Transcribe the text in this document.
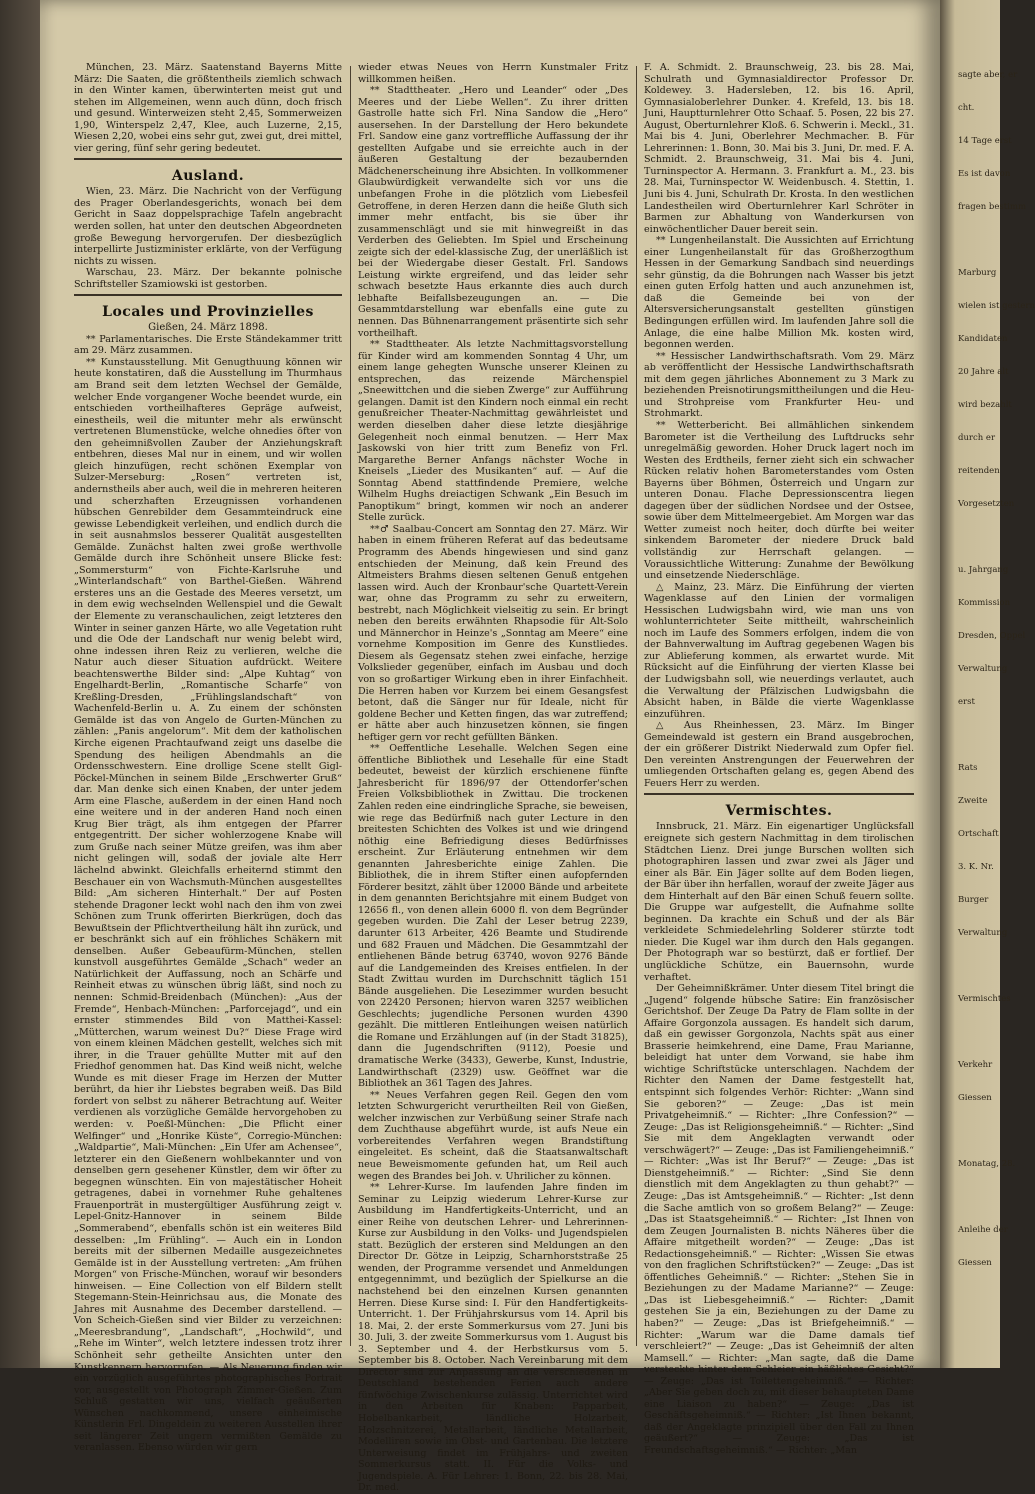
München, 23. März. Saatenstand Bayerns Mitte März: Die Saaten, die größtentheils ziemlich schwach in den Winter kamen, überwinterten meist gut und stehen im Allgemeinen, wenn auch dünn, doch frisch und gesund. Winterweizen steht 2,45, Sommerweizen 1,90, Winterspelz 2,47, Klee, auch Luzerne, 2,15, Wiesen 2,20, wobei eins sehr gut, zwei gut, drei mittel, vier gering, fünf sehr gering bedeutet.

Ausland.

Wien, 23. März. Die Nachricht von der Verfügung des Prager Oberlandesgerichts, wonach bei dem Gericht in Saaz doppelsprachige Tafeln angebracht werden sollen, hat unter den deutschen Abgeordneten große Bewegung hervorgerufen. Der diesbezüglich interpellirte Justizminister erklärte, von der Verfügung nichts zu wissen.

Warschau, 23. März. Der bekannte polnische Schriftsteller Szamiowski ist gestorben.

Locales und Provinzielles

Gießen, 24. März 1898.

** Parlamentarisches. Die Erste Ständekammer tritt am 29. März zusammen.

** Kunstausstellung. Mit Genugthuung können wir heute konstatiren, daß die Ausstellung im Thurmhaus am Brand seit dem letzten Wechsel der Gemälde, welcher Ende vorgangener Woche beendet wurde, ein entschieden vortheilhafteres Gepräge aufweist, einestheils, weil die mitunter mehr als erwünscht vertretenen Blumenstücke, welche ohnedies öfter von den geheimnißvollen Zauber der Anziehungskraft entbehren, dieses Mal nur in einem, und wir wollen gleich hinzufügen, recht schönen Exemplar von Sulzer-Merseburg: „Rosen“ vertreten ist, andernstheils aber auch, weil die in mehreren heiteren und scherzhaften Erzeugnissen vorhandenen hübschen Genrebilder dem Gesammteindruck eine gewisse Lebendigkeit verleihen, und endlich durch die in seit ausnahmslos besserer Qualität ausgestellten Gemälde. Zunächst halten zwei große werthvolle Gemälde durch ihre Schönheit unsere Blicke fest: „Sommersturm“ von Fichte-Karlsruhe und „Winterlandschaft“ von Barthel-Gießen. Während ersteres uns an die Gestade des Meeres versetzt, um in dem ewig wechselnden Wellenspiel und die Gewalt der Elemente zu veranschaulichen, zeigt letzteres den Winter in seiner ganzen Härte, wo alle Vegetation ruht und die Ode der Landschaft nur wenig belebt wird, ohne indessen ihren Reiz zu verlieren, welche die Natur auch dieser Situation aufdrückt. Weitere beachtenswerthe Bilder sind: „Alpe Kuhtag“ von Engelhardt-Berlin, „Romantische Scharfe“ von Kreßling-Dresden, „Frühlingslandschaft“ von Wachenfeld-Berlin u. A. Zu einem der schönsten Gemälde ist das von Angelo de Gurten-München zu zählen: „Panis angelorum“. Mit dem der katholischen Kirche eigenen Prachtaufwand zeigt uns daselbe die Spendung des heiligen Abendmahls an die Ordensschwestern. Eine drollige Scene stellt Gigl-Pöckel-München in seinem Bilde „Erschwerter Gruß“ dar. Man denke sich einen Knaben, der unter jedem Arm eine Flasche, außerdem in der einen Hand noch eine weitere und in der anderen Hand noch einen Krug Bier trägt, als ihm entgegen der Pfarrer entgegentritt. Der sicher wohlerzogene Knabe will zum Gruße nach seiner Mütze greifen, was ihm aber nicht gelingen will, sodaß der joviale alte Herr lächelnd abwinkt. Gleichfalls erheiternd stimmt den Beschauer ein von Wachsmuth-München ausgestelltes Bild: „Am sicheren Hinterhalt.“ Der auf Posten stehende Dragoner leckt wohl nach den ihm von zwei Schönen zum Trunk offerirten Bierkrügen, doch das Bewußtsein der Pflichtvertheilung hält ihn zurück, und er beschränkt sich auf ein fröhliches Schäkern mit denselben. Außer Gebeaufürm-München, stellen kunstvoll ausgeführtes Gemälde „Schach“ weder an Natürlichkeit der Auffassung, noch an Schärfe und Reinheit etwas zu wünschen übrig läßt, sind noch zu nennen: Schmid-Breidenbach (München): „Aus der Fremde“, Henbach-München: „Parforcejagd“, und ein ernster stimmendes Bild von Matthei-Kassel: „Mütterchen, warum weinest Du?“ Diese Frage wird von einem kleinen Mädchen gestellt, welches sich mit ihrer, in die Trauer gehüllte Mutter mit auf den Friedhof genommen hat. Das Kind weiß nicht, welche Wunde es mit dieser Frage im Herzen der Mutter berührt, da hier ihr Liebstes begraben weiß. Das Bild fordert von selbst zu näherer Betrachtung auf. Weiter verdienen als vorzügliche Gemälde hervorgehoben zu werden: v. Poeßl-München: „Die Pflicht einer Welfinger“ und „Honrike Küste“, Corregio-München: „Waldpartie“, Mali-München: „Ein Ufer am Achensee“, letzterer ein den Gießenern wohlbekannter und von denselben gern gesehener Künstler, dem wir öfter zu begegnen wünschten. Ein von majestätischer Hoheit getragenes, dabei in vornehmer Ruhe gehaltenes Frauenporträt in mustergültiger Ausführung zeigt v. Lepel-Gnitz-Hannover in seinem Bilde „Sommerabend“, ebenfalls schön ist ein weiteres Bild desselben: „Im Frühling“. — Auch ein in London bereits mit der silbernen Medaille ausgezeichnetes Gemälde ist in der Ausstellung vertreten: „Am frühen Morgen“ von Frische-München, worauf wir besonders hinweisen. — Eine Collection von elf Bildern stellt Stegemann-Stein-Heinrichsau aus, die Monate des Jahres mit Ausnahme des December darstellend. — Von Scheich-Gießen sind vier Bilder zu verzeichnen: „Meeresbrandung“, „Landschaft“, „Hochwild“, und „Rehe im Winter“, welch letztere indessen trotz ihrer Schönheit sehr getheilte Ansichten unter den Kunstkennern hervorrufen. — Als Neuerung finden wir ein vorzüglich ausgeführtes photographisches Portrait vor, ausgestellt von Photograph Zimmer-Gießen. Zum Schluß gestatten wir uns, vielfach geäußerten Wünschen nachkommend, unsere einheimische Künstlerin Frl. Dingeldein zu weiteren Ausstellen ihrer seit längerer Zeit ungern vermißten Gemälde zu veranlassen. Ebenso würden wir gern

wieder etwas Neues von Herrn Kunstmaler Fritz willkommen heißen.

** Stadttheater. „Hero und Leander“ oder „Des Meeres und der Liebe Wellen“. Zu ihrer dritten Gastrolle hatte sich Frl. Nina Sandow die „Hero“ ausersehen. In der Darstellung der Hero bekundete Frl. Sandow eine ganz vortreffliche Auffassung der ihr gestellten Aufgabe und sie erreichte auch in der äußeren Gestaltung der bezaubernden Mädchenerscheinung ihre Absichten. In vollkommener Glaubwürdigkeit verwandelte sich vor uns die unbefangen Frohe in die plötzlich vom Liebesfeil Getroffene, in deren Herzen dann die heiße Gluth sich immer mehr entfacht, bis sie über ihr zusammenschlägt und sie mit hinwegreißt in das Verderben des Geliebten. Im Spiel und Erscheinung zeigte sich der edel-klassische Zug, der unerläßlich ist bei der Wiedergabe dieser Gestalt. Frl. Sandows Leistung wirkte ergreifend, und das leider sehr schwach besetzte Haus erkannte dies auch durch lebhafte Beifallsbezeugungen an. — Die Gesammtdarstellung war ebenfalls eine gute zu nennen. Das Bühnenarrangement präsentirte sich sehr vortheilhaft.

** Stadttheater. Als letzte Nachmittagsvorstellung für Kinder wird am kommenden Sonntag 4 Uhr, um einem lange gehegten Wunsche unserer Kleinen zu entsprechen, das reizende Märchenspiel „Sneewittchen und die sieben Zwerge“ zur Aufführung gelangen. Damit ist den Kindern noch einmal ein recht genußreicher Theater-Nachmittag gewährleistet und werden dieselben daher diese letzte diesjährige Gelegenheit noch einmal benutzen. — Herr Max Jaskowski von hier tritt zum Benefiz von Frl. Margarethe Berner Anfangs nächster Woche in Kneisels „Lieder des Musikanten“ auf. — Auf die Sonntag Abend stattfindende Premiere, welche Wilhelm Hughs dreiactigen Schwank „Ein Besuch im Panoptikum“ bringt, kommen wir noch an anderer Stelle zurück.

**♂ Saalbau-Concert am Sonntag den 27. März. Wir haben in einem früheren Referat auf das bedeutsame Programm des Abends hingewiesen und sind ganz entschieden der Meinung, daß kein Freund des Altmeisters Brahms diesen seltenen Genuß entgehen lassen wird. Auch der Kronbaur'sche Quartett-Verein war, ohne das Programm zu sehr zu erweitern, bestrebt, nach Möglichkeit vielseitig zu sein. Er bringt neben den bereits erwähnten Rhapsodie für Alt-Solo und Männerchor in Heinze's „Sonntag am Meere“ eine vornehme Komposition im Genre des Kunstliedes. Diesem als Gegensatz stehen zwei einfache, herzige Volkslieder gegenüber, einfach im Ausbau und doch von so großartiger Wirkung eben in ihrer Einfachheit. Die Herren haben vor Kurzem bei einem Gesangsfest betont, daß die Sänger nur für Ideale, nicht für goldene Becher und Ketten fingen, das war zutreffend; er hätte aber auch hinzusetzen können, sie fingen heftiger gern vor recht gefüllten Bänken.

** Oeffentliche Lesehalle. Welchen Segen eine öffentliche Bibliothek und Lesehalle für eine Stadt bedeutet, beweist der kürzlich erschienene fünfte Jahresbericht für 1896/97 der Ottendorfer'schen Freien Volksbibliothek in Zwittau. Die trockenen Zahlen reden eine eindringliche Sprache, sie beweisen, wie rege das Bedürfniß nach guter Lecture in den breitesten Schichten des Volkes ist und wie dringend nöthig eine Befriedigung dieses Bedürfnisses erscheint. Zur Erläuterung entnehmen wir dem genannten Jahresberichte einige Zahlen. Die Bibliothek, die in ihrem Stifter einen aufopfernden Förderer besitzt, zählt über 12000 Bände und arbeitete in dem genannten Berichtsjahre mit einem Budget von 12656 fl., von denen allein 6000 fl. von dem Begründer gegeben wurden. Die Zahl der Leser betrug 2239, darunter 613 Arbeiter, 426 Beamte und Studirende und 682 Frauen und Mädchen. Die Gesammtzahl der entliehenen Bände betrug 63740, wovon 9276 Bände auf die Landgemeinden des Kreises entfielen. In der Stadt Zwittau wurden im Durchschnitt täglich 151 Bände ausgeliehen. Die Lesezimmer wurden besucht von 22420 Personen; hiervon waren 3257 weiblichen Geschlechts; jugendliche Personen wurden 4390 gezählt. Die mittleren Entleihungen weisen natürlich die Romane und Erzählungen auf (in der Stadt 31825), dann die Jugendschriften (9112), Poesie und dramatische Werke (3433), Gewerbe, Kunst, Industrie, Landwirthschaft (2329) usw. Geöffnet war die Bibliothek an 361 Tagen des Jahres.

** Neues Verfahren gegen Reil. Gegen den vom letzten Schwurgericht verurtheilten Reil von Gießen, welcher inzwischen zur Verbüßung seiner Strafe nach dem Zuchthause abgeführt wurde, ist aufs Neue ein vorbereitendes Verfahren wegen Brandstiftung eingeleitet. Es scheint, daß die Staatsanwaltschaft neue Beweismomente gefunden hat, um Reil auch wegen des Brandes bei Joh. v. Uhrilicher zu können.

** Lehrer-Kurse. Im laufenden Jahre finden im Seminar zu Leipzig wiederum Lehrer-Kurse zur Ausbildung im Handfertigkeits-Unterricht, und an einer Reihe von deutschen Lehrer- und Lehrerinnen-Kurse zur Ausbildung in den Volks- und Jugendspielen statt. Bezüglich der ersteren sind Meldungen an den Director Dr. Götze in Leipzig, Scharnhorststraße 25 wenden, der Programme versendet und Anmeldungen entgegennimmt, und bezüglich der Spielkurse an die nachstehend bei den einzelnen Kursen genannten Herren. Diese Kurse sind: I. Für den Handfertigkeits-Unterricht. 1. Der Frühjahrskursus vom 14. April bis 18. Mai, 2. der erste Sommerkursus vom 27. Juni bis 30. Juli, 3. der zweite Sommerkursus vom 1. August bis 3. September und 4. der Herbstkursus vom 5. September bis 8. October. Nach Vereinbarung mit dem Director sind zur Anpassung an die verschiedenen in Deutschland bestehenden Ferien auch andere fünfwöchige Zwischenkurse zulässig. Unterrichtet wird in den Arbeiten für Knaben: Papparbeit, Hobelbankarbeit, ländliche Holzarbeit, Holzschnitzerei, Metallarbeit, ländliche Metallarbeit, Modelliren sowie im Obst- und Gartenbau. Die letztere Unterweisung findet im Frühjahrs- und zweiten Sommerkursus statt. II. Für die Volks- und Jugendspiele. A. Für Lehrer: 1. Bonn, 22. bis 28. Mai, Dr. med.

F. A. Schmidt. 2. Braunschweig, 23. bis 28. Mai, Schulrath und Gymnasialdirector Professor Dr. Koldewey. 3. Hadersleben, 12. bis 16. April, Gymnasialoberlehrer Dunker. 4. Krefeld, 13. bis 18. Juni, Hauptturnlehrer Otto Schaaf. 5. Posen, 22 bis 27. August, Oberturnlehrer Kloß. 6. Schwerin i. Meckl., 31. Mai bis 4. Juni, Oberlehrer Mechmacher. B. Für Lehrerinnen: 1. Bonn, 30. Mai bis 3. Juni, Dr. med. F. A. Schmidt. 2. Braunschweig, 31. Mai bis 4. Juni, Turninspector A. Hermann. 3. Frankfurt a. M., 23. bis 28. Mai, Turninspector W. Weidenbusch. 4. Stettin, 1. Juni bis 4. Juni, Schulrath Dr. Krosta. In den westlichen Landestheilen wird Oberturnlehrer Karl Schröter in Barmen zur Abhaltung von Wanderkursen von einwöchentlicher Dauer bereit sein.

** Lungenheilanstalt. Die Aussichten auf Errichtung einer Lungenheilanstalt für das Großherzogthum Hessen in der Gemarkung Sandbach sind neuerdings sehr günstig, da die Bohrungen nach Wasser bis jetzt einen guten Erfolg hatten und auch anzunehmen ist, daß die Gemeinde bei von der Altersversicherungsanstalt gestellten günstigen Bedingungen erfüllen wird. Im laufenden Jahre soll die Anlage, die eine halbe Million Mk. kosten wird, begonnen werden.

** Hessischer Landwirthschaftsrath. Vom 29. März ab veröffentlicht der Hessische Landwirthschaftsrath mit dem gegen jährliches Abonnement zu 3 Mark zu beziehenden Preisnotirungsmittheilungen und die Heu- und Strohpreise vom Frankfurter Heu- und Strohmarkt.

** Wetterbericht. Bei allmählichen sinkendem Barometer ist die Vertheilung des Luftdrucks sehr unregelmäßig geworden. Hoher Druck lagert noch im Westen des Erdtheils, ferner zieht sich ein schwacher Rücken relativ hohen Barometerstandes vom Osten Bayerns über Böhmen, Österreich und Ungarn zur unteren Donau. Flache Depressionscentra liegen dagegen über der südlichen Nordsee und der Ostsee, sowie über dem Mittelmeergebiet. Am Morgen war das Wetter zumeist noch heiter, doch dürfte bei weiter sinkendem Barometer der niedere Druck bald vollständig zur Herrschaft gelangen. — Voraussichtliche Witterung: Zunahme der Bewölkung und einsetzende Niederschläge.

△ Mainz, 23. März. Die Einführung der vierten Wagenklasse auf den Linien der vormaligen Hessischen Ludwigsbahn wird, wie man uns von wohlunterrichteter Seite mittheilt, wahrscheinlich noch im Laufe des Sommers erfolgen, indem die von der Bahnverwaltung im Auftrag gegebenen Wagen bis zur Ablieferung kommen, als erwartet wurde. Mit Rücksicht auf die Einführung der vierten Klasse bei der Ludwigsbahn soll, wie neuerdings verlautet, auch die Verwaltung der Pfälzischen Ludwigsbahn die Absicht haben, in Bälde die vierte Wagenklasse einzuführen.

△ Aus Rheinhessen, 23. März. Im Binger Gemeindewald ist gestern ein Brand ausgebrochen, der ein größerer Distrikt Niederwald zum Opfer fiel. Den vereinten Anstrengungen der Feuerwehren der umliegenden Ortschaften gelang es, gegen Abend des Feuers Herr zu werden.

Vermischtes.

Innsbruck, 21. März. Ein eigenartiger Unglücksfall ereignete sich gestern Nachmittag in dem tirolischen Städtchen Lienz. Drei junge Burschen wollten sich photographiren lassen und zwar zwei als Jäger und einer als Bär. Ein Jäger sollte auf dem Boden liegen, der Bär über ihn herfallen, worauf der zweite Jäger aus dem Hinterhalt auf den Bär einen Schuß feuern sollte. Die Gruppe war aufgestellt, die Aufnahme sollte beginnen. Da krachte ein Schuß und der als Bär verkleidete Schmiedelehrling Solderer stürzte todt nieder. Die Kugel war ihm durch den Hals gegangen. Der Photograph war so bestürzt, daß er fortlief. Der unglückliche Schütze, ein Bauernsohn, wurde verhaftet.

Der Geheimnißkrämer. Unter diesem Titel bringt die „Jugend“ folgende hübsche Satire: Ein französischer Gerichtshof. Der Zeuge Da Patry de Flam sollte in der Affaire Gorgonzola aussagen. Es handelt sich darum, daß ein gewisser Gorgonzola, Nachts spät aus einer Brasserie heimkehrend, eine Dame, Frau Marianne, beleidigt hat unter dem Vorwand, sie habe ihm wichtige Schriftstücke unterschlagen. Nachdem der Richter den Namen der Dame festgestellt hat, entspinnt sich folgendes Verhör: Richter: „Wann sind Sie geboren?“ — Zeuge: „Das ist mein Privatgeheimniß.“ — Richter: „Ihre Confession?“ — Zeuge: „Das ist Religionsgeheimniß.“ — Richter: „Sind Sie mit dem Angeklagten verwandt oder verschwägert?“ — Zeuge: „Das ist Familiengeheimniß.“ — Richter: „Was ist Ihr Beruf?“ — Zeuge: „Das ist Dienstgeheimniß.“ — Richter: „Sind Sie denn dienstlich mit dem Angeklagten zu thun gehabt?“ — Zeuge: „Das ist Amtsgeheimniß.“ — Richter: „Ist denn die Sache amtlich von so großem Belang?“ — Zeuge: „Das ist Staatsgeheimniß.“ — Richter: „Ist Ihnen von dem Zeugen Journalisten B. nichts Näheres über die Affaire mitgetheilt worden?“ — Zeuge: „Das ist Redactionsgeheimniß.“ — Richter: „Wissen Sie etwas von den fraglichen Schriftstücken?“ — Zeuge: „Das ist öffentliches Geheimniß.“ — Richter: „Stehen Sie in Beziehungen zu der Madame Marianne?“ — Zeuge: „Das ist Liebesgeheimniß.“ — Richter: „Damit gestehen Sie ja ein, Beziehungen zu der Dame zu haben?“ — Zeuge: „Das ist Briefgeheimniß.“ — Richter: „Warum war die Dame damals tief verschleiert?“ — Zeuge: „Das ist Geheimniß der alten Mamsell.“ — Richter: „Man sagte, daß die Dame versteckte hinter dem Schleier ein häßliches Gesicht?“ — Zeuge: „Das ist Toilettengeheimniß.“ — Richter: „Aber Sie geben doch zu, mit dieser behaupteten Dame eine Liaison zu haben?“ — Zeuge: „Das ist Geschäftsgeheimniß.“ — Richter: „Ist Ihnen bekannt, daß der Angeklagte prinzipiell über den Fall zu Ihnen geäußert?“ — Zeuge: „Das ist Freundschaftsgeheimniß.“ — Richter: „Man

sagte aber, er

cht.

14 Tage erst

Es ist davon

fragen bestimm

Marburg

wielen ist gestern

Kandidaten

20 Jahre alt

wird bezahlt

durch er

reitenden

Vorgesetzten

u. Jahrgang

Kommission

Dresden, Oppel

Verwaltung

erst

Rats

Zweite

Ortschaft

3. K. Nr.

Burger

Verwaltung

Vermischtes

Verkehr

Giessen

Monatag, 28.

Anleihe der

Giessen
